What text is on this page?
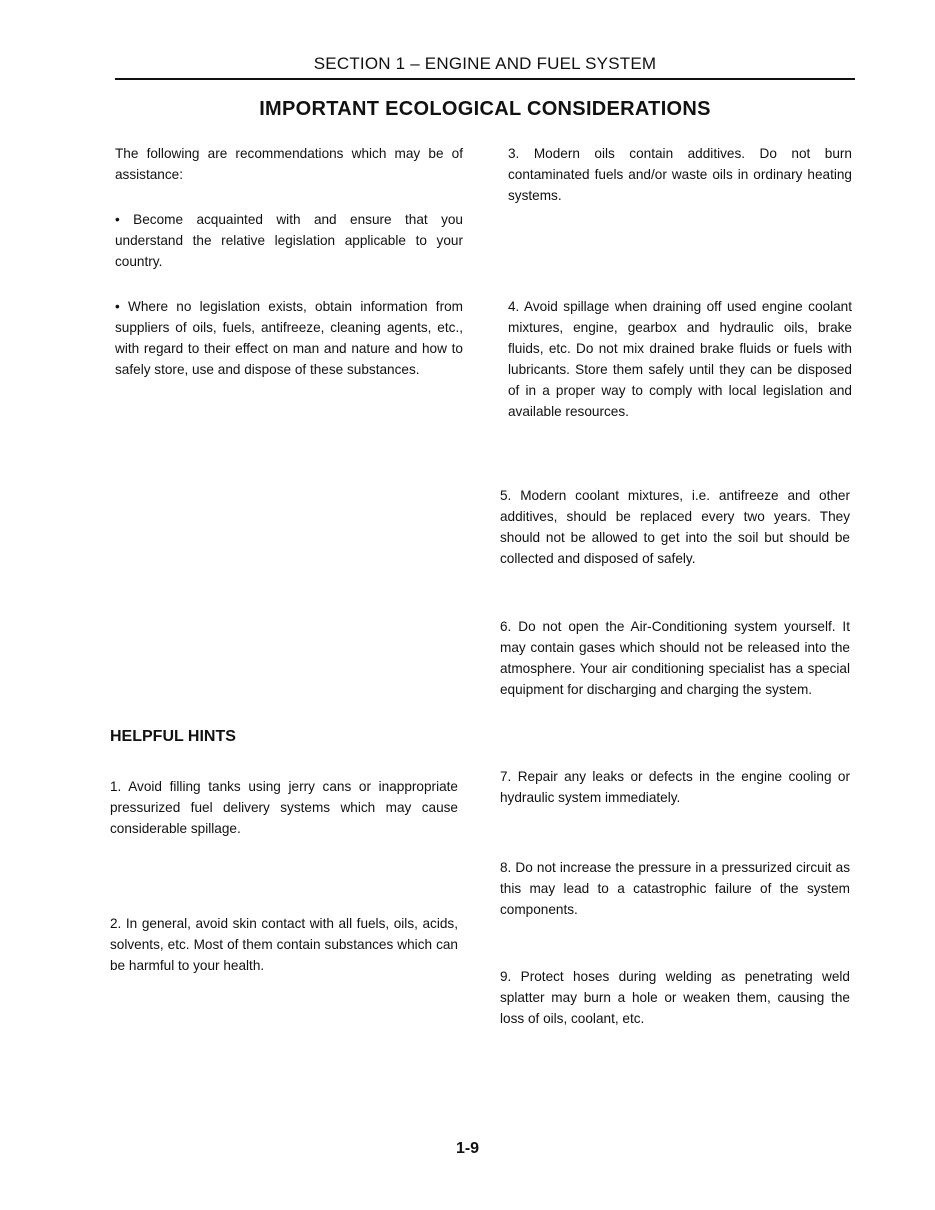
SECTION 1 – ENGINE AND FUEL SYSTEM
IMPORTANT ECOLOGICAL CONSIDERATIONS

The following are recommendations which may be of assistance:

• Become acquainted with and ensure that you understand the relative legislation applicable to your country.

• Where no legislation exists, obtain information from suppliers of oils, fuels, antifreeze, cleaning agents, etc., with regard to their effect on man and nature and how to safely store, use and dispose of these substances.

HELPFUL HINTS

1. Avoid filling tanks using jerry cans or inappropriate pressurized fuel delivery systems which may cause considerable spillage.

2. In general, avoid skin contact with all fuels, oils, acids, solvents, etc. Most of them contain substances which can be harmful to your health.

3. Modern oils contain additives. Do not burn contaminated fuels and/or waste oils in ordinary heating systems.

4. Avoid spillage when draining off used engine coolant mixtures, engine, gearbox and hydraulic oils, brake fluids, etc. Do not mix drained brake fluids or fuels with lubricants. Store them safely until they can be disposed of in a proper way to comply with local legislation and available resources.

5. Modern coolant mixtures, i.e. antifreeze and other additives, should be replaced every two years. They should not be allowed to get into the soil but should be collected and disposed of safely.

6. Do not open the Air-Conditioning system yourself. It may contain gases which should not be released into the atmosphere. Your air conditioning specialist has a special equipment for discharging and charging the system.

7. Repair any leaks or defects in the engine cooling or hydraulic system immediately.

8. Do not increase the pressure in a pressurized circuit as this may lead to a catastrophic failure of the system components.

9. Protect hoses during welding as penetrating weld splatter may burn a hole or weaken them, causing the loss of oils, coolant, etc.

1-9
